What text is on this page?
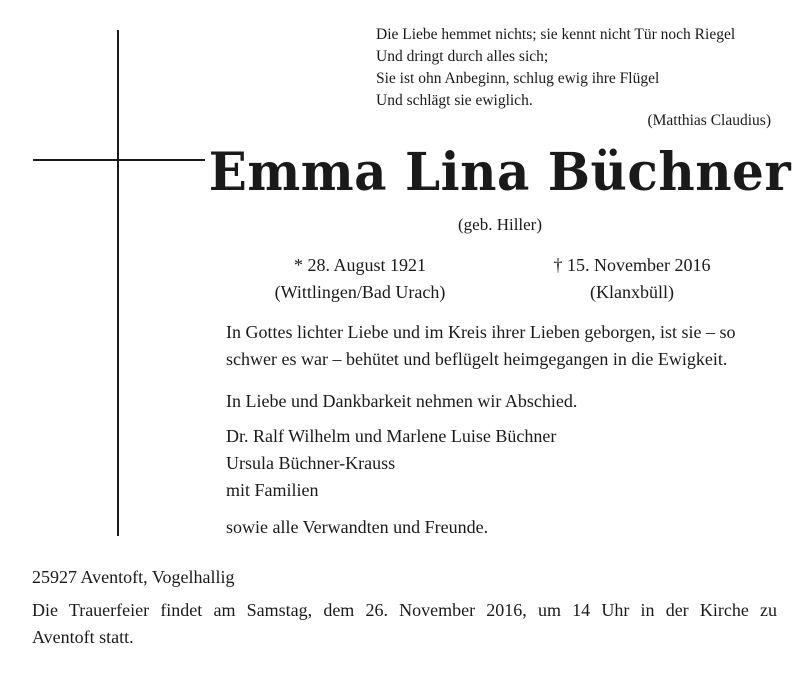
Die Liebe hemmet nichts; sie kennt nicht Tür noch Riegel
Und dringt durch alles sich;
Sie ist ohn Anbeginn, schlug ewig ihre Flügel
Und schlägt sie ewiglich.
(Matthias Claudius)
Emma Lina Büchner
(geb. Hiller)
* 28. August 1921
(Wittlingen/Bad Urach)
† 15. November 2016
(Klanxbüll)
In Gottes lichter Liebe und im Kreis ihrer Lieben geborgen, ist sie – so
schwer es war – behütet und beflügelt heimgegangen in die Ewigkeit.
In Liebe und Dankbarkeit nehmen wir Abschied.
Dr. Ralf Wilhelm und Marlene Luise Büchner
Ursula Büchner-Krauss
mit Familien
sowie alle Verwandten und Freunde.
25927 Aventoft, Vogelhallig
Die Trauerfeier findet am Samstag, dem 26. November 2016, um 14 Uhr in der Kirche zu
Aventoft statt.
